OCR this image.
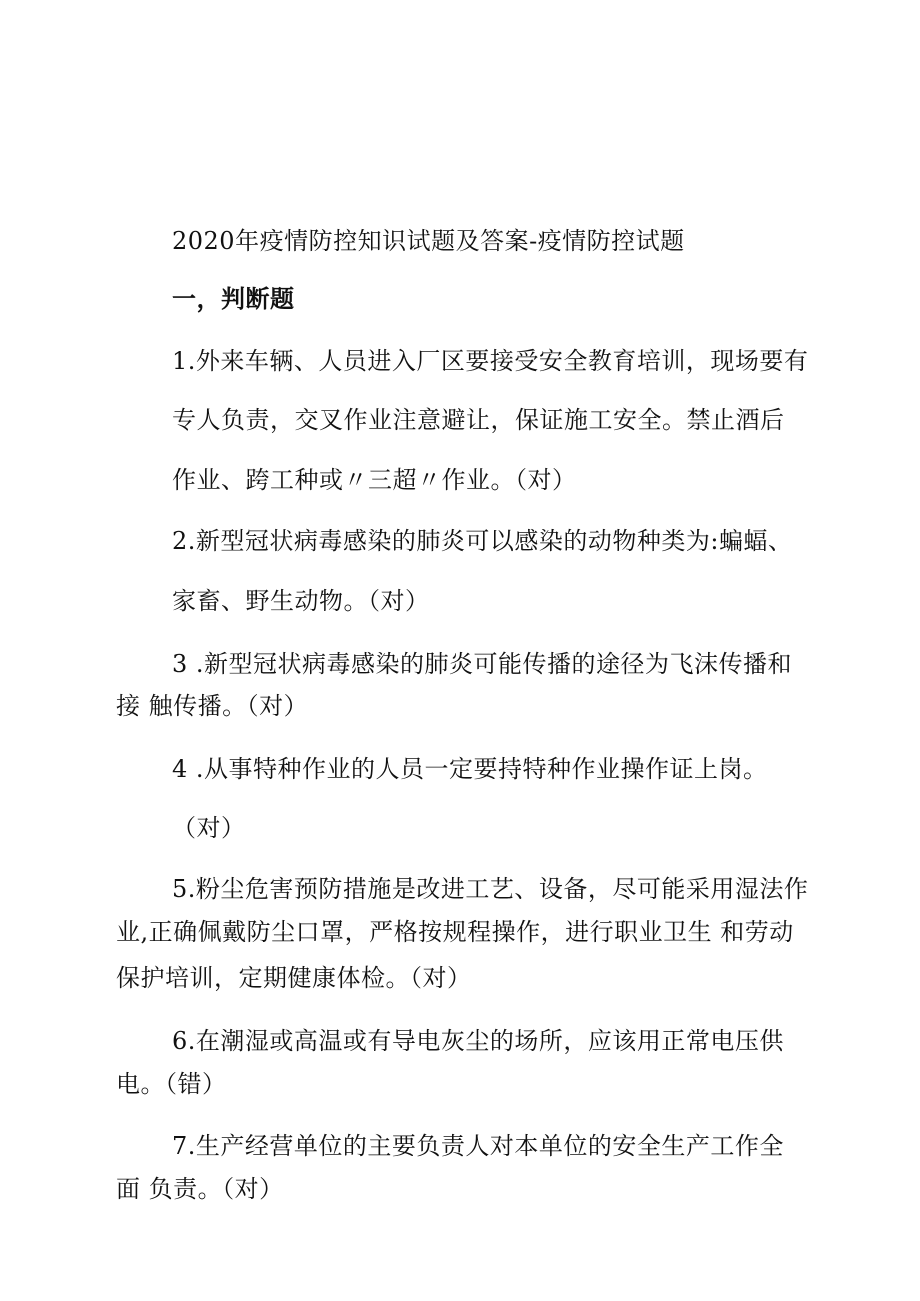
2020年疫情防控知识试题及答案-疫情防控试题
一，判断题
1.外来车辆、人员进入厂区要接受安全教育培训，现场要有
专人负责，交叉作业注意避让，保证施工安全。禁止酒后
作业、跨工种或〃三超〃作业。（对）
2.新型冠状病毒感染的肺炎可以感染的动物种类为:蝙蝠、
家畜、野生动物。（对）
3 .新型冠状病毒感染的肺炎可能传播的途径为飞沫传播和
接 触传播。（对）
4 .从事特种作业的人员一定要持特种作业操作证上岗。
（对）
5.粉尘危害预防措施是改进工艺、设备，尽可能采用湿法作
业,正确佩戴防尘口罩，严格按规程操作，进行职业卫生 和劳动
保护培训，定期健康体检。（对）
6.在潮湿或高温或有导电灰尘的场所，应该用正常电压供
电。（错）
7.生产经营单位的主要负责人对本单位的安全生产工作全
面 负责。（对）
